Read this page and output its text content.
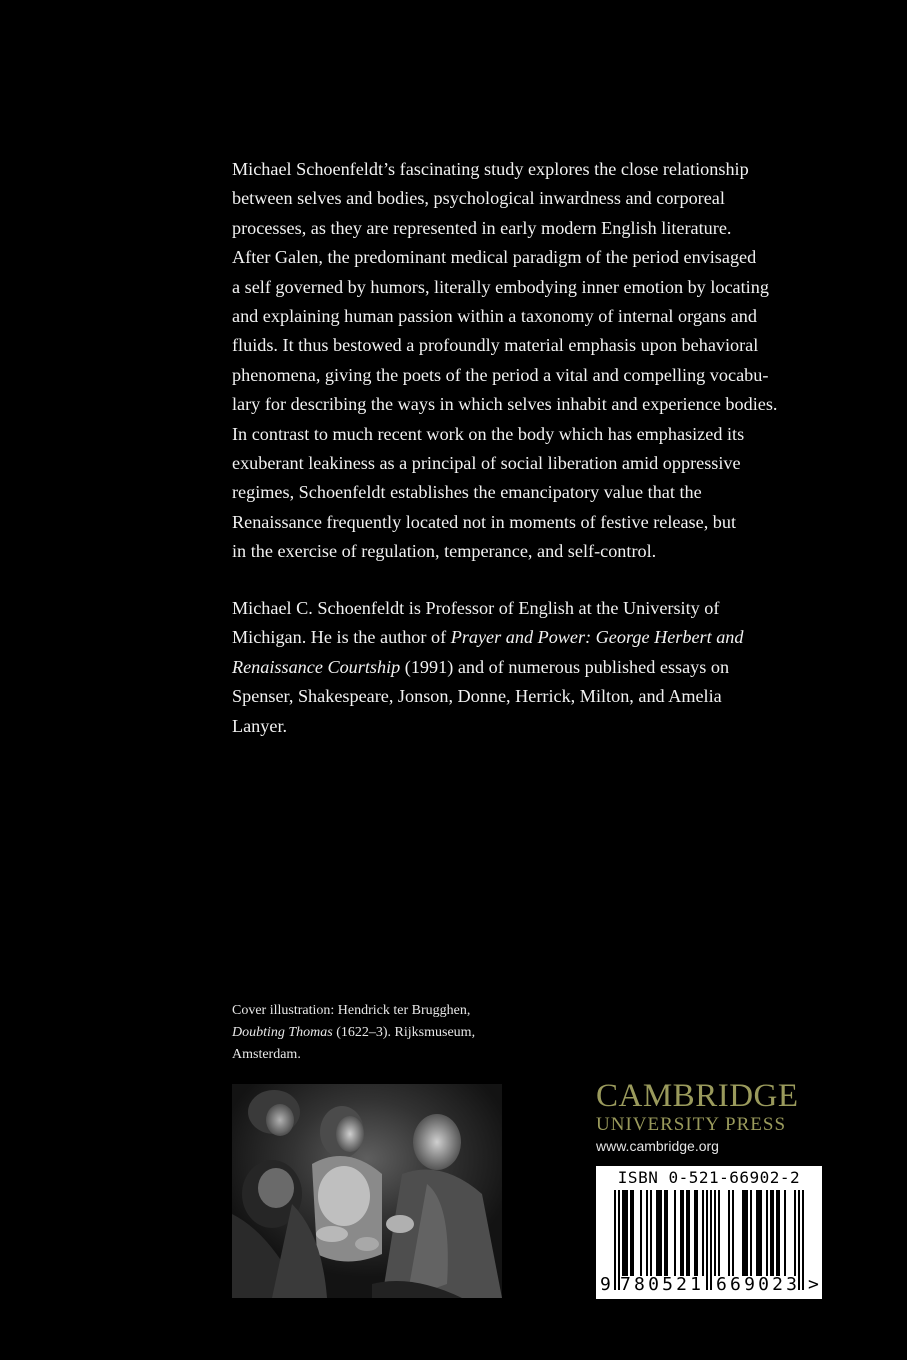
Michael Schoenfeldt’s fascinating study explores the close relationship

between selves and bodies, psychological inwardness and corporeal

processes, as they are represented in early modern English literature.

After Galen, the predominant medical paradigm of the period envisaged

a self governed by humors, literally embodying inner emotion by locating

and explaining human passion within a taxonomy of internal organs and

fluids. It thus bestowed a profoundly material emphasis upon behavioral

phenomena, giving the poets of the period a vital and compelling vocabu-

lary for describing the ways in which selves inhabit and experience bodies.

In contrast to much recent work on the body which has emphasized its

exuberant leakiness as a principal of social liberation amid oppressive

regimes, Schoenfeldt establishes the emancipatory value that the

Renaissance frequently located not in moments of festive release, but

in the exercise of regulation, temperance, and self-control.

Michael C. Schoenfeldt is Professor of English at the University of

Michigan. He is the author of Prayer and Power: George Herbert and

Renaissance Courtship (1991) and of numerous published essays on

Spenser, Shakespeare, Jonson, Donne, Herrick, Milton, and Amelia

Lanyer.

Cover illustration: Hendrick ter Brugghen,

Doubting Thomas (1622–3). Rijksmuseum,

Amsterdam.

CAMBRIDGE
UNIVERSITY PRESS
www.cambridge.org
ISBN 0-521-66902-2
9 780521 669023 >
